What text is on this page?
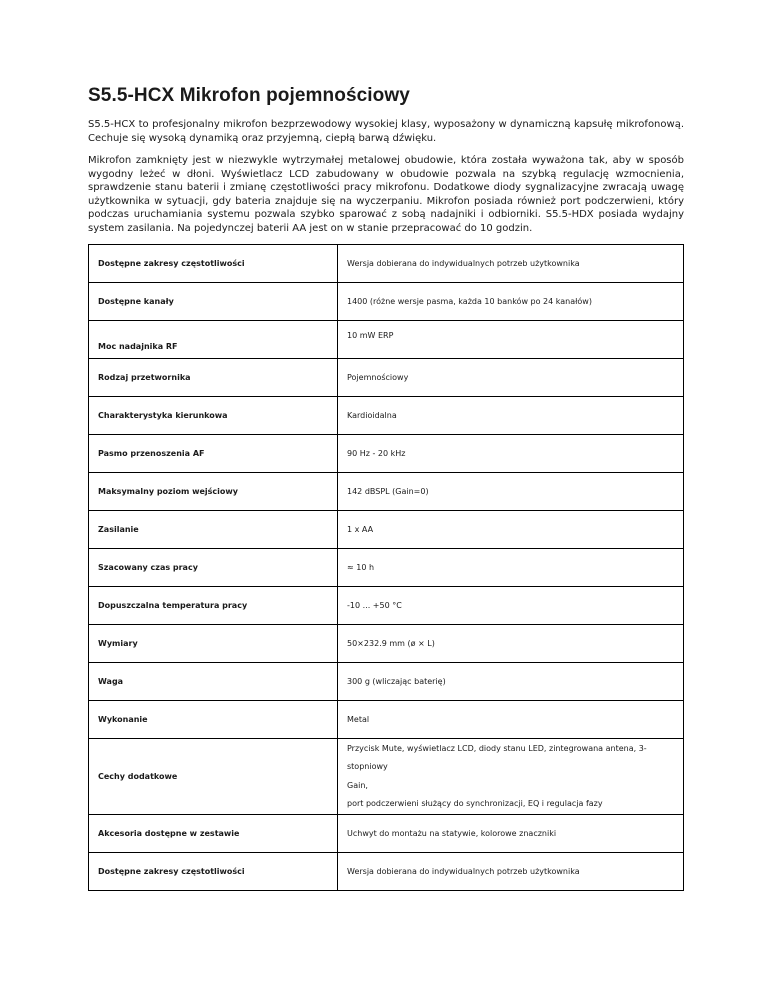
S5.5-HCX Mikrofon pojemnościowy

S5.5-HCX to profesjonalny mikrofon bezprzewodowy wysokiej klasy, wyposażony w dynamiczną kapsułę mikrofonową. Cechuje się wysoką dynamiką oraz przyjemną, ciepłą barwą dźwięku.

Mikrofon zamknięty jest w niezwykle wytrzymałej metalowej obudowie, która została wyważona tak, aby w sposób wygodny leżeć w dłoni. Wyświetlacz LCD zabudowany w obudowie pozwala na szybką regulację wzmocnienia, sprawdzenie stanu baterii i zmianę częstotliwości pracy mikrofonu. Dodatkowe diody sygnalizacyjne zwracają uwagę użytkownika w sytuacji, gdy bateria znajduje się na wyczerpaniu. Mikrofon posiada również port podczerwieni, który podczas uruchamiania systemu pozwala szybko sparować z sobą nadajniki i odbiorniki. S5.5-HDX posiada wydajny system zasilania. Na pojedynczej baterii AA jest on w stanie przepracować do 10 godzin.

Dostępne zakresy częstotliwości	Wersja dobierana do indywidualnych potrzeb użytkownika
Dostępne kanały	1400 (różne wersje pasma, każda 10 banków po 24 kanałów)
Moc nadajnika RF	10 mW ERP
Rodzaj przetwornika	Pojemnościowy
Charakterystyka kierunkowa	Kardioidalna
Pasmo przenoszenia AF	90 Hz - 20 kHz
Maksymalny poziom wejściowy	142 dBSPL (Gain=0)
Zasilanie	1 x AA
Szacowany czas pracy	≈ 10 h
Dopuszczalna temperatura pracy	-10 ... +50 °C
Wymiary	50×232.9 mm (ø × L)
Waga	300 g (wliczając baterię)
Wykonanie	Metal
Cechy dodatkowe	Przycisk Mute, wyświetlacz LCD, diody stanu LED, zintegrowana antena, 3-stopniowy
Gain,
port podczerwieni służący do synchronizacji, EQ i regulacja fazy

Akcesoria dostępne w zestawie	Uchwyt do montażu na statywie, kolorowe znaczniki
Dostępne zakresy częstotliwości	Wersja dobierana do indywidualnych potrzeb użytkownika
